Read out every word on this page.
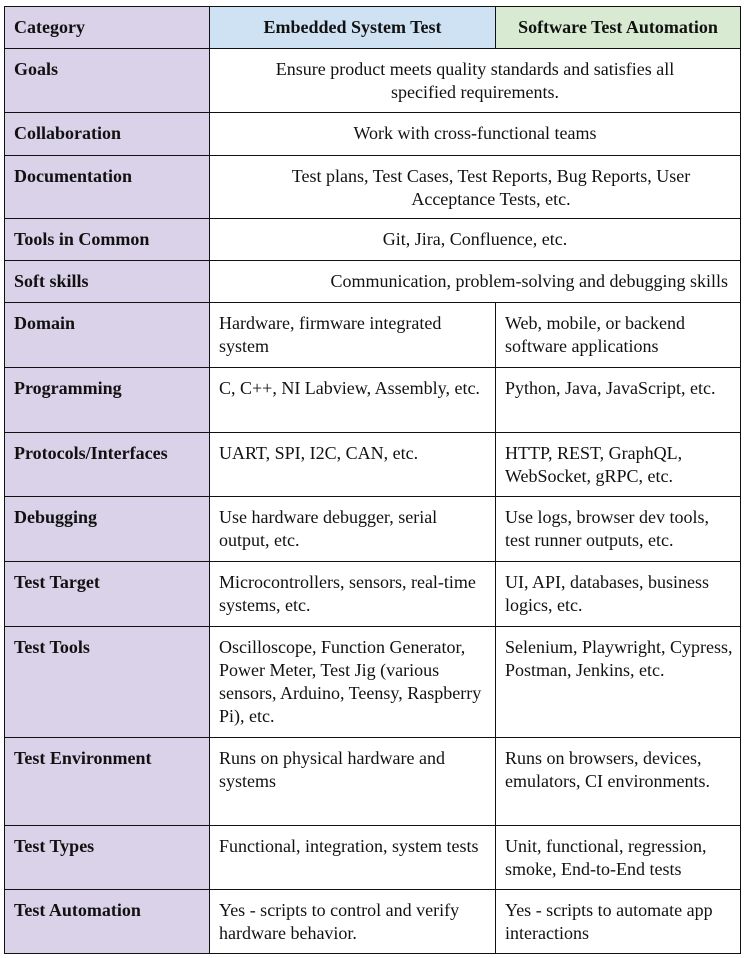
Category	Embedded System Test	Software Test Automation
Goals	Ensure product meets quality standards and satisfies all specified requirements.	
Collaboration	Work with cross-functional teams	
Documentation	Test plans, Test Cases, Test Reports, Bug Reports, User Acceptance Tests, etc.	
Tools in Common	Git, Jira, Confluence, etc.	
Soft skills	Communication, problem-solving and debugging skills	
Domain	Hardware, firmware integrated system	Web, mobile, or backend software applications
Programming	C, C++, NI Labview, Assembly, etc.	Python, Java, JavaScript, etc.
Protocols/Interfaces	UART, SPI, I2C, CAN, etc.	HTTP, REST, GraphQL, WebSocket, gRPC, etc.
Debugging	Use hardware debugger, serial output, etc.	Use logs, browser dev tools, test runner outputs, etc.
Test Target	Microcontrollers, sensors, real-time systems, etc.	UI, API, databases, business logics, etc.
Test Tools	Oscilloscope, Function Generator, Power Meter, Test Jig (various sensors, Arduino, Teensy, Raspberry Pi), etc.	Selenium, Playwright, Cypress, Postman, Jenkins, etc.
Test Environment	Runs on physical hardware and systems	Runs on browsers, devices, emulators, CI environments.
Test Types	Functional, integration, system tests	Unit, functional, regression, smoke, End-to-End tests
Test Automation	Yes - scripts to control and verify hardware behavior.	Yes - scripts to automate app interactions
